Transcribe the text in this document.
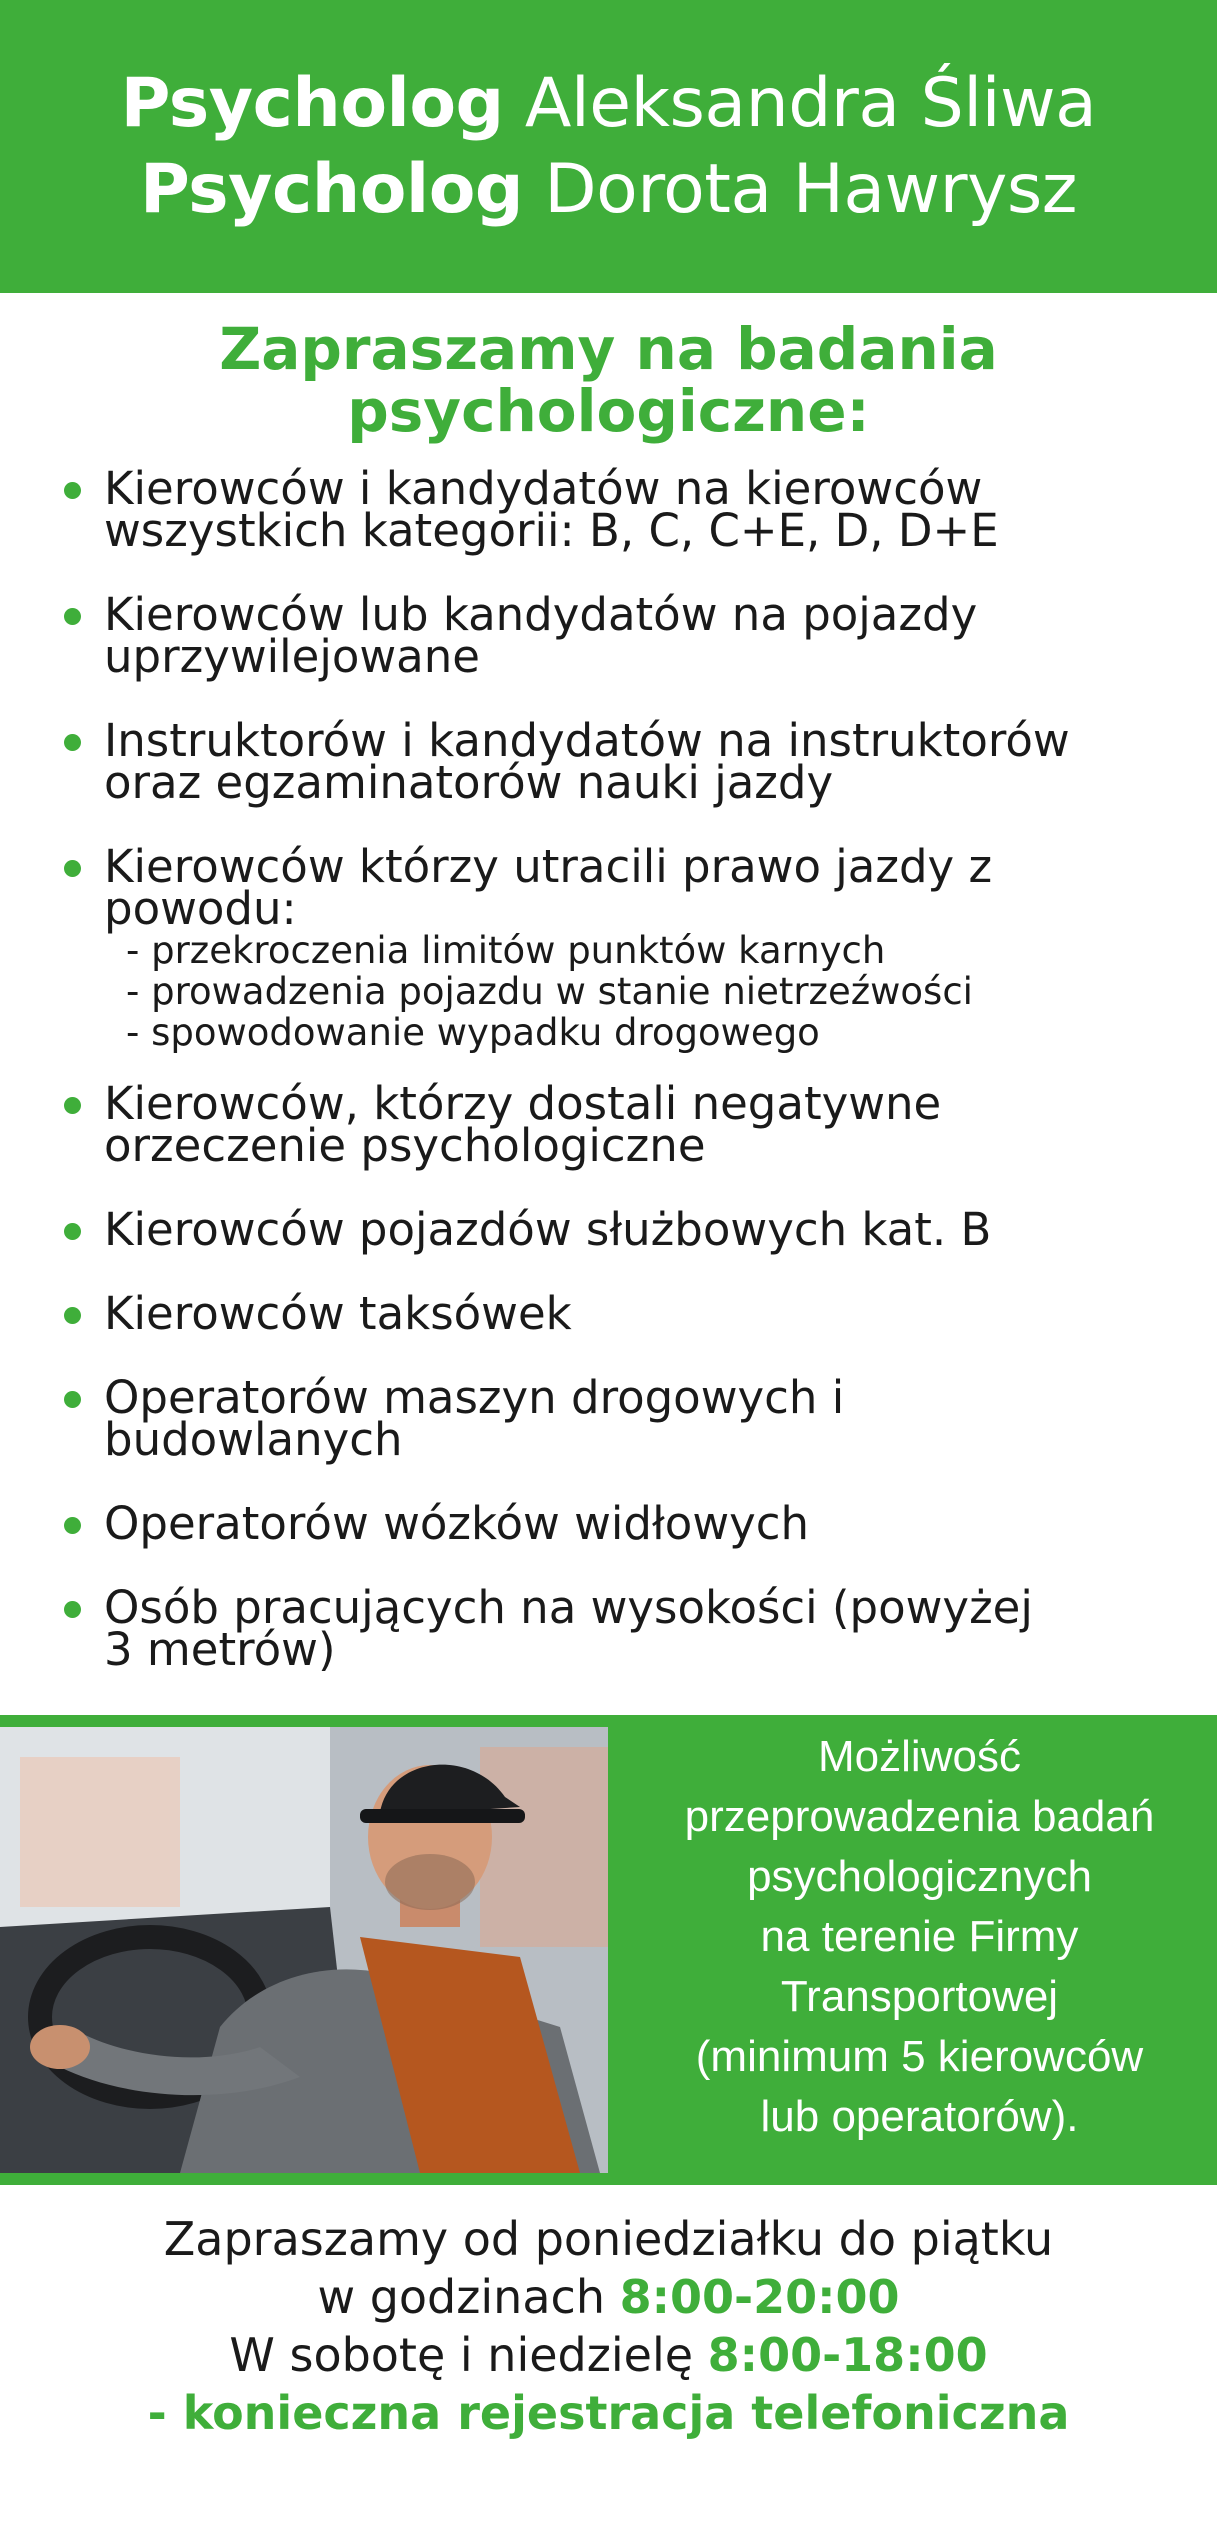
Psycholog Aleksandra Śliwa
Psycholog Dorota Hawrysz
Zapraszamy na badania
psychologiczne:
Kierowców i kandydatów na kierowców
wszystkich kategorii: B, C, C+E, D, D+E
Kierowców lub kandydatów na pojazdy
uprzywilejowane
Instruktorów i kandydatów na instruktorów
oraz egzaminatorów nauki jazdy
Kierowców którzy utracili prawo jazdy z
powodu:
- przekroczenia limitów punktów karnych
- prowadzenia pojazdu w stanie nietrzeźwości
- spowodowanie wypadku drogowego
Kierowców, którzy dostali negatywne
orzeczenie psychologiczne
Kierowców pojazdów służbowych kat. B
Kierowców taksówek
Operatorów maszyn drogowych i
budowlanych
Operatorów wózków widłowych
Osób pracujących na wysokości (powyżej
3 metrów)
Możliwość
przeprowadzenia badań
psychologicznych
na terenie Firmy
Transportowej
(minimum 5 kierowców
lub operatorów).
Zapraszamy od poniedziałku do piątku
w godzinach 8:00-20:00
W sobotę i niedzielę 8:00-18:00
- konieczna rejestracja telefoniczna
